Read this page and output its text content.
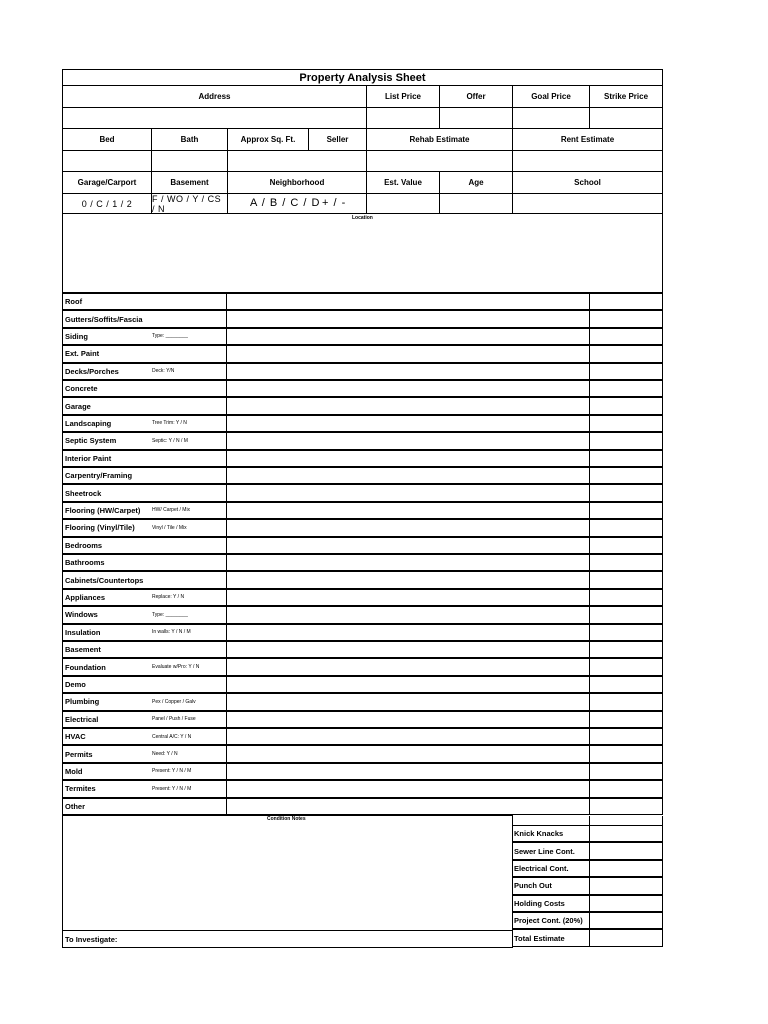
Property Analysis Sheet
Address	List Price	Offer	Goal Price	Strike Price
Bed	Bath	Approx Sq. Ft.	Seller	Rehab Estimate	Rent Estimate
Garage/Carport	Basement	Neighborhood	Est. Value	Age	School
0 / C / 1 / 2	F / WO / Y / CS / N	A / B / C / D + / -
Location
Roof
Gutters/Soffits/Fascia
Siding	Type: ________
Ext. Paint
Decks/Porches	Deck: Y/N
Concrete
Garage
Landscaping	Tree Trim: Y / N
Septic System	Septic: Y / N / M
Interior Paint
Carpentry/Framing
Sheetrock
Flooring (HW/Carpet) HW/ Carpet / Mix
Flooring (Vinyl/Tile)	Vinyl / Tile / Mix
Bedrooms
Bathrooms
Cabinets/Countertops
Appliances	Replace: Y / N
Windows	Type: ________
Insulation	In walls: Y / N / M
Basement
Foundation	Evaluate w/Pro: Y / N
Demo
Plumbing	Pex / Copper / Galv
Electrical	Panel / Push / Fuse
HVAC	Central A/C: Y / N
Permits	Need: Y / N
Mold	Present: Y / N / M
Termites	Present: Y / N / M
Other
Condition Notes
To Investigate:
Knick Knacks
Sewer Line Cont.
Electrical Cont.
Punch Out
Holding Costs
Project Cont. (20%)
Total Estimate
